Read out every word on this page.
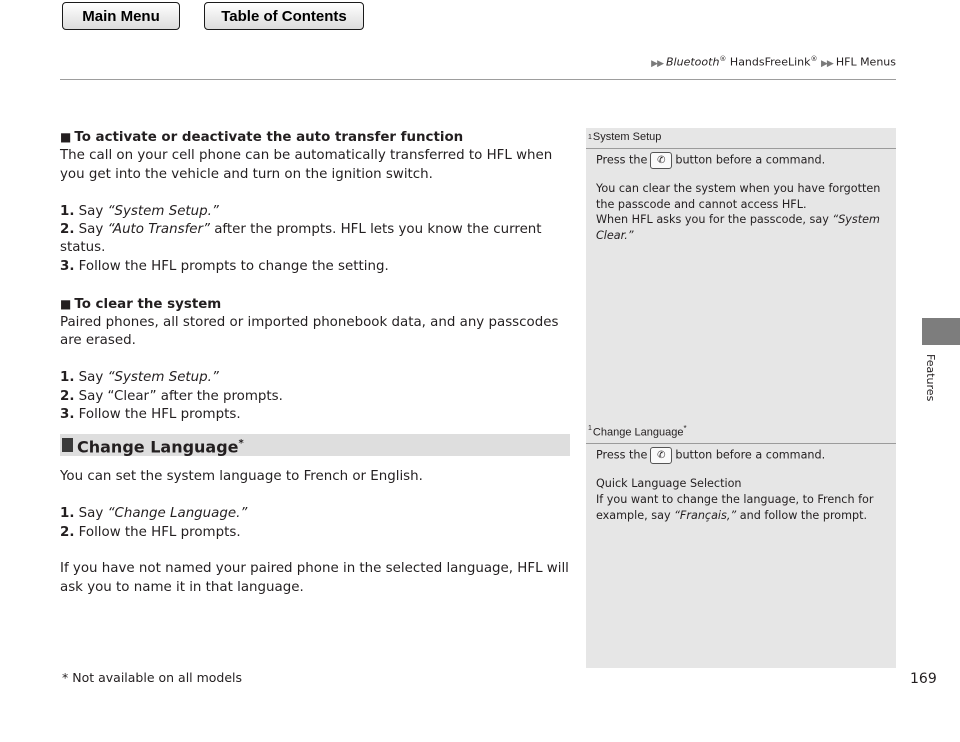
Main Menu	Table of Contents
▶▶ Bluetooth® HandsFreeLink® ▶▶ HFL Menus
Features

■ To activate or deactivate the auto transfer function

The call on your cell phone can be automatically transferred to HFL when you get into the vehicle and turn on the ignition switch.

1. Say “System Setup.”

2. Say “Auto Transfer” after the prompts. HFL lets you know the current status.

3. Follow the HFL prompts to change the setting.

■ To clear the system

Paired phones, all stored or imported phonebook data, and any passcodes are erased.

1. Say “System Setup.”

2. Say “Clear” after the prompts.

3. Follow the HFL prompts.

Change Language*

You can set the system language to French or English.

1. Say “Change Language.”

2. Follow the HFL prompts.

If you have not named your paired phone in the selected language, HFL will ask you to name it in that language.

$^1$System Setup

Press the ✆ button before a command.

You can clear the system when you have forgotten the passcode and cannot access HFL.

When HFL asks you for the passcode, say “System Clear.”

$^1$Change Language*

Press the ✆ button before a command.

Quick Language Selection

If you want to change the language, to French for

example, say “Français,” and follow the prompt.

* Not available on all models	169
